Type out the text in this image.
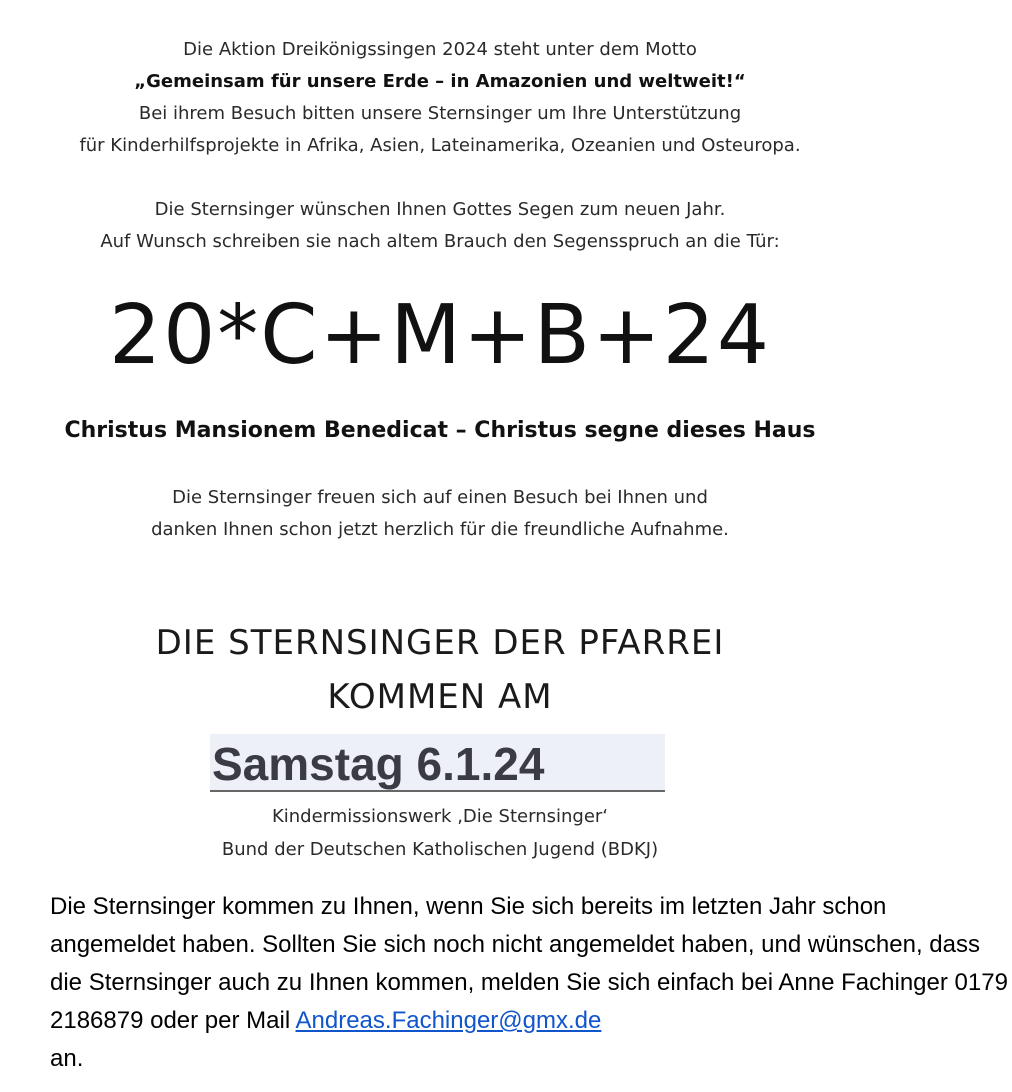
Die Aktion Dreikönigssingen 2024 steht unter dem Motto
„Gemeinsam für unsere Erde – in Amazonien und weltweit!“
Bei ihrem Besuch bitten unsere Sternsinger um Ihre Unterstützung
für Kinderhilfsprojekte in Afrika, Asien, Lateinamerika, Ozeanien und Osteuropa.
Die Sternsinger wünschen Ihnen Gottes Segen zum neuen Jahr.
Auf Wunsch schreiben sie nach altem Brauch den Segensspruch an die Tür:
20*C+M+B+24
Christus Mansionem Benedicat – Christus segne dieses Haus
Die Sternsinger freuen sich auf einen Besuch bei Ihnen und
danken Ihnen schon jetzt herzlich für die freundliche Aufnahme.
DIE STERNSINGER DER PFARREI
KOMMEN AM
Samstag 6.1.24
Kindermissionswerk ‚Die Sternsinger‘
Bund der Deutschen Katholischen Jugend (BDKJ)
Die Sternsinger kommen zu Ihnen, wenn Sie sich bereits im letzten Jahr schon angemeldet haben. Sollten Sie sich noch nicht angemeldet haben, und wünschen, dass die Sternsinger auch zu Ihnen kommen, melden Sie sich einfach bei Anne Fachinger 0179 2186879 oder per Mail Andreas.Fachinger@gmx.de
an.
